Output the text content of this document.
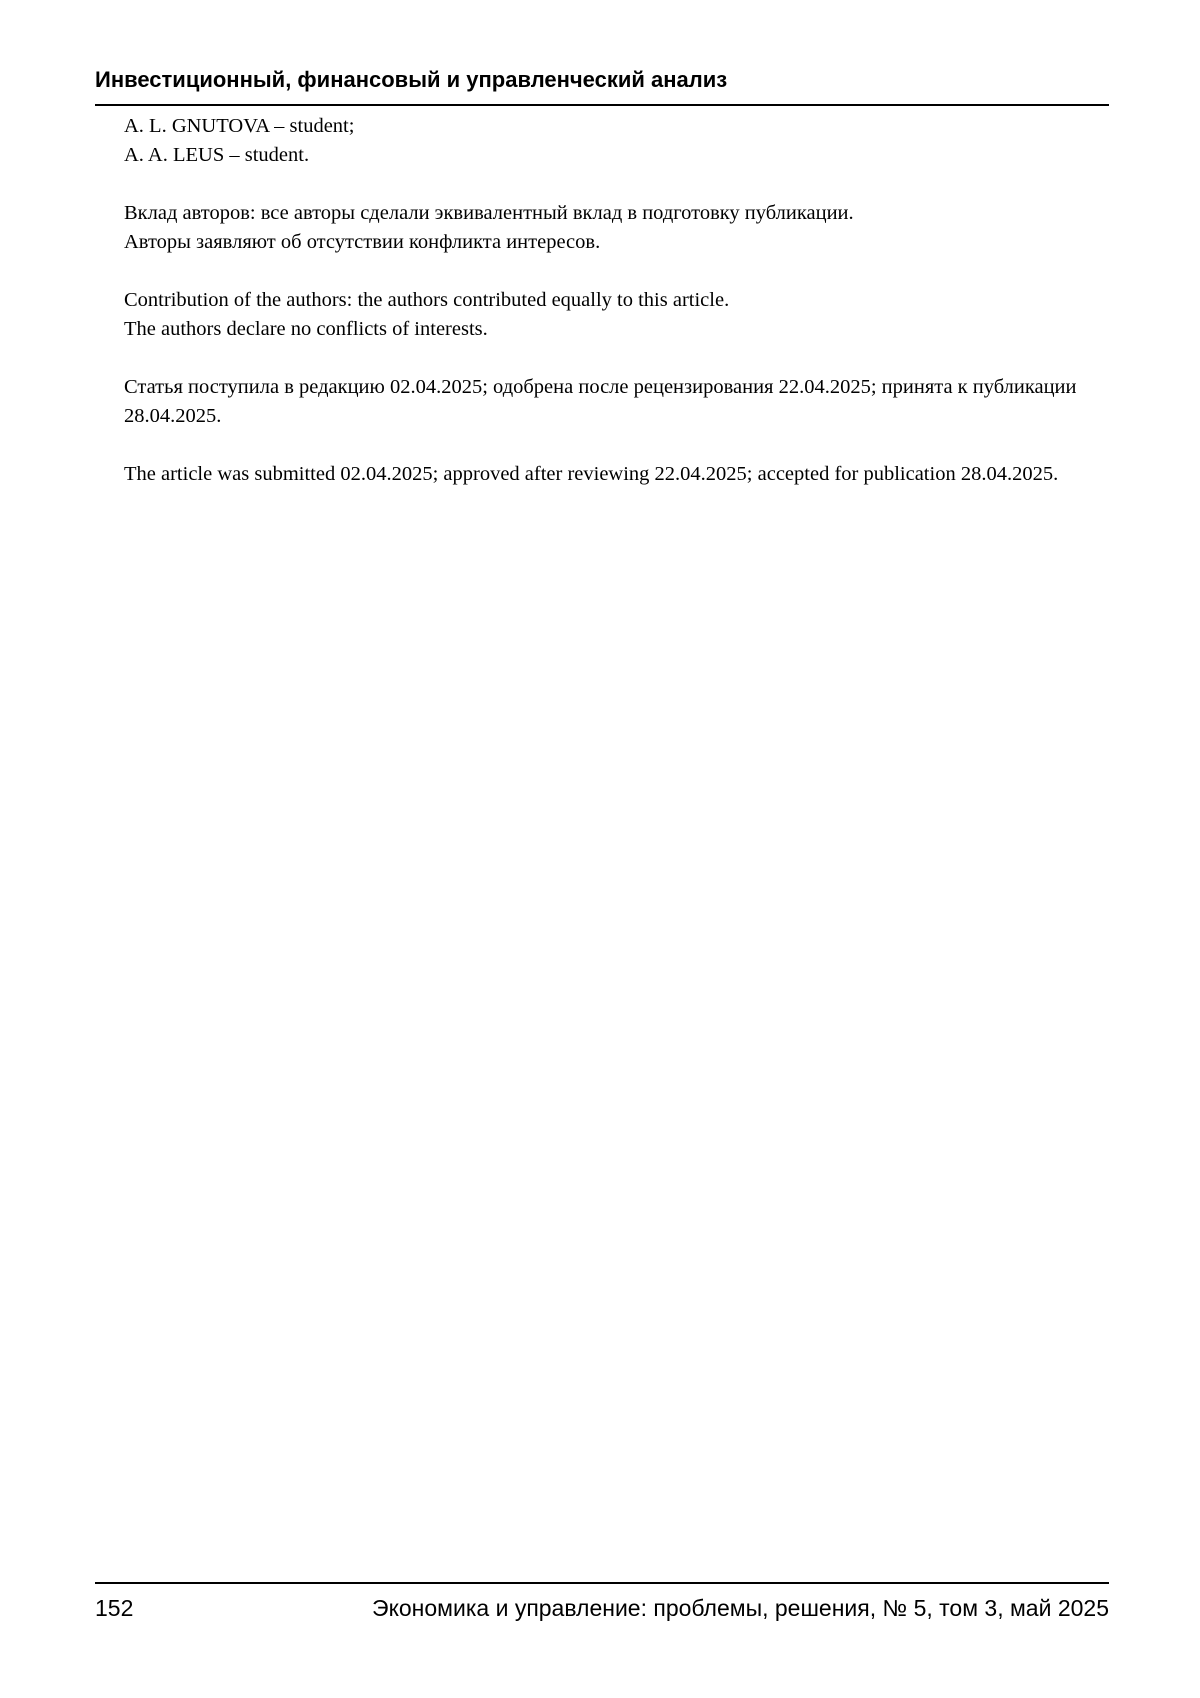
Инвестиционный, финансовый и управленческий анализ
A. L. GNUTOVA – student;
A. A. LEUS – student.
Вклад авторов: все авторы сделали эквивалентный вклад в подготовку публикации.
Авторы заявляют об отсутствии конфликта интересов.
Contribution of the authors: the authors contributed equally to this article.
The authors declare no conflicts of interests.
Статья поступила в редакцию 02.04.2025; одобрена после рецензирования 22.04.2025; принята к публикации 28.04.2025.
The article was submitted 02.04.2025; approved after reviewing 22.04.2025; accepted for publication 28.04.2025.
152	Экономика и управление: проблемы, решения, № 5, том 3, май 2025
